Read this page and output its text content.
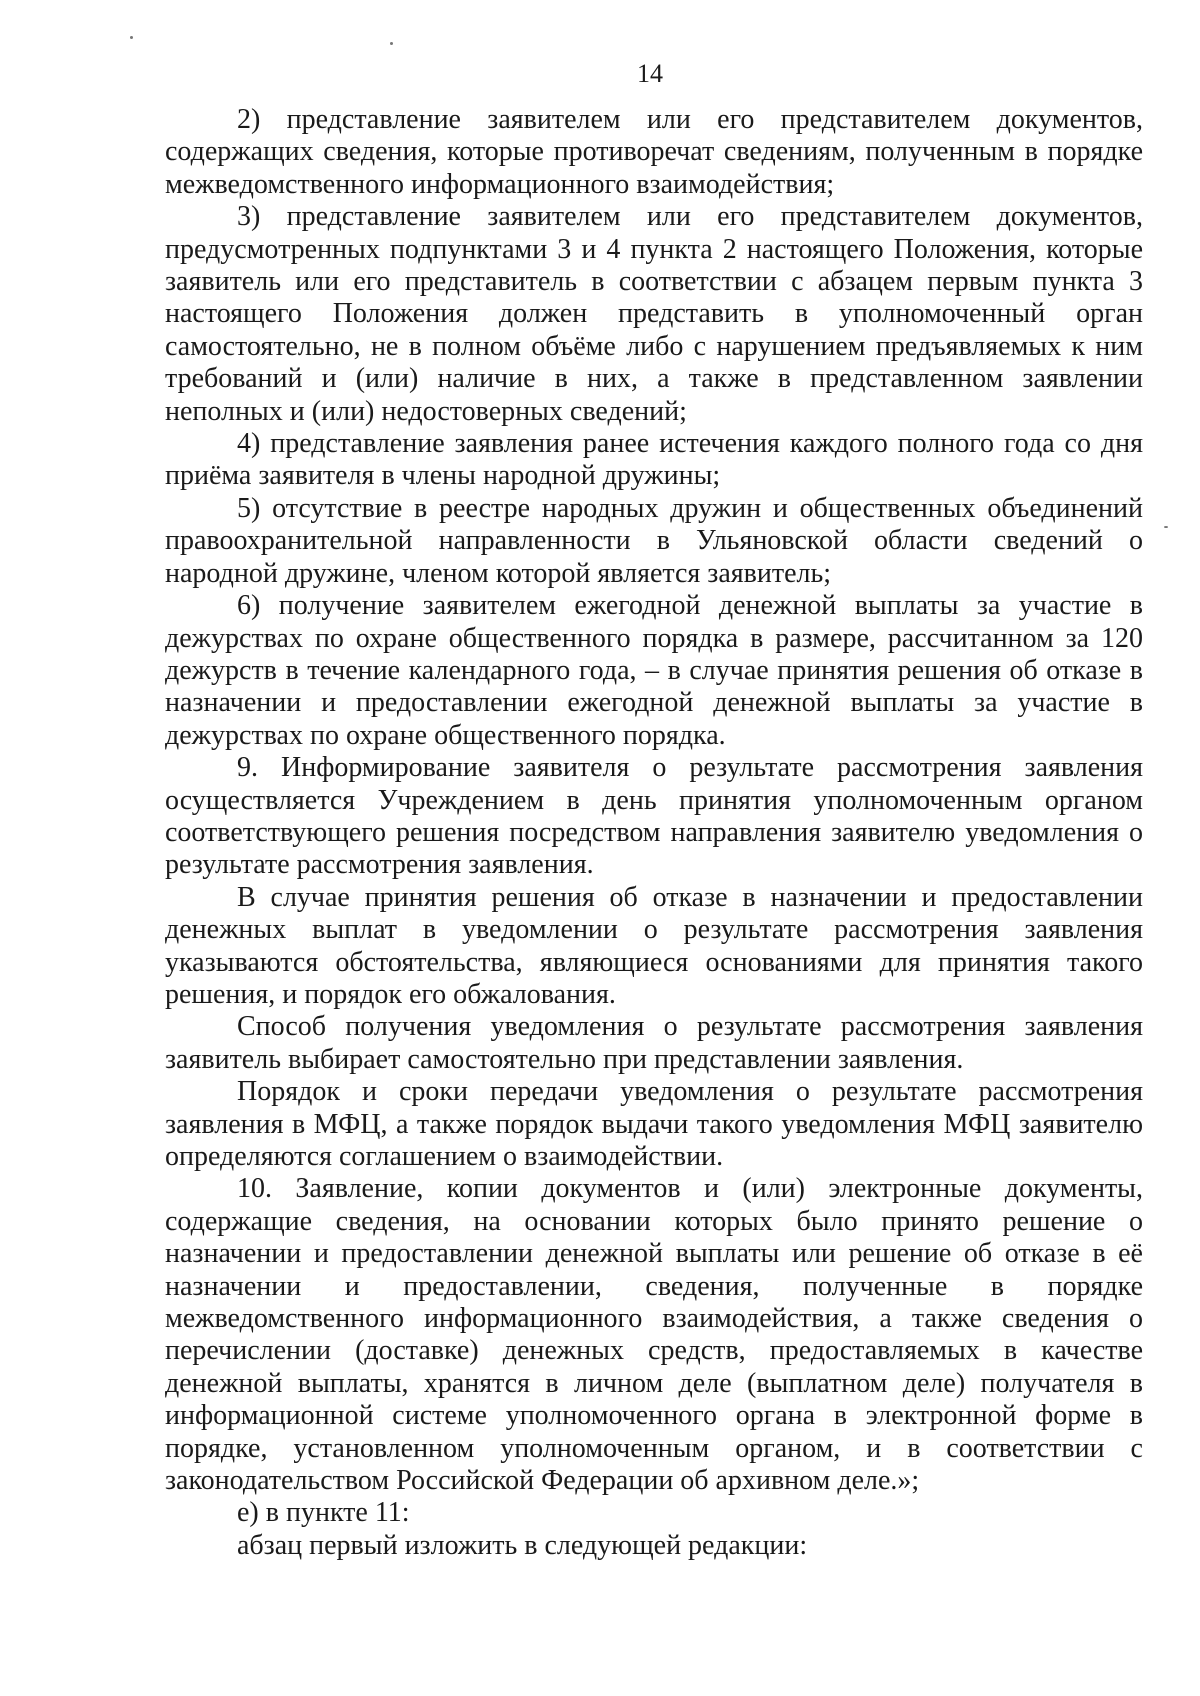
14

2) представление заявителем или его представителем документов, содержащих сведения, которые противоречат сведениям, полученным в порядке межведомственного информационного взаимодействия;

3) представление заявителем или его представителем документов, предусмотренных подпунктами 3 и 4 пункта 2 настоящего Положения, которые заявитель или его представитель в соответствии с абзацем первым пункта 3 настоящего Положения должен представить в уполномоченный орган самостоятельно, не в полном объёме либо с нарушением предъявляемых к ним требований и (или) наличие в них, а также в представленном заявлении неполных и (или) недостоверных сведений;

4) представление заявления ранее истечения каждого полного года со дня приёма заявителя в члены народной дружины;

5) отсутствие в реестре народных дружин и общественных объединений правоохранительной направленности в Ульяновской области сведений о народной дружине, членом которой является заявитель;

6) получение заявителем ежегодной денежной выплаты за участие в дежурствах по охране общественного порядка в размере, рассчитанном за 120 дежурств в течение календарного года, – в случае принятия решения об отказе в назначении и предоставлении ежегодной денежной выплаты за участие в дежурствах по охране общественного порядка.

9. Информирование заявителя о результате рассмотрения заявления осуществляется Учреждением в день принятия уполномоченным органом соответствующего решения посредством направления заявителю уведомления о результате рассмотрения заявления.

В случае принятия решения об отказе в назначении и предоставлении денежных выплат в уведомлении о результате рассмотрения заявления указываются обстоятельства, являющиеся основаниями для принятия такого решения, и порядок его обжалования.

Способ получения уведомления о результате рассмотрения заявления заявитель выбирает самостоятельно при представлении заявления.

Порядок и сроки передачи уведомления о результате рассмотрения заявления в МФЦ, а также порядок выдачи такого уведомления МФЦ заявителю определяются соглашением о взаимодействии.

10. Заявление, копии документов и (или) электронные документы, содержащие сведения, на основании которых было принято решение о назначении и предоставлении денежной выплаты или решение об отказе в её назначении и предоставлении, сведения, полученные в порядке межведомственного информационного взаимодействия, а также сведения о перечислении (доставке) денежных средств, предоставляемых в качестве денежной выплаты, хранятся в личном деле (выплатном деле) получателя в информационной системе уполномоченного органа в электронной форме в порядке, установленном уполномоченным органом, и в соответствии с законодательством Российской Федерации об архивном деле.»;

е) в пункте 11:

абзац первый изложить в следующей редакции:
